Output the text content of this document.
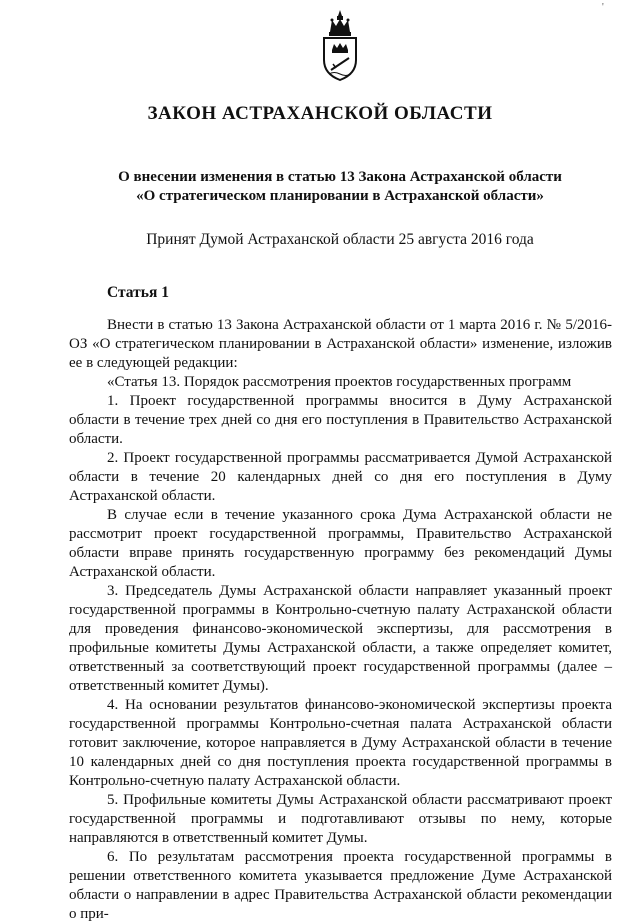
'
ЗАКОН АСТРАХАНСКОЙ ОБЛАСТИ
О внесении изменения в статью 13 Закона Астраханской области
«О стратегическом планировании в Астраханской области»

Принят Думой Астраханской области 25 августа 2016 года

Статья 1

Внести в статью 13 Закона Астраханской области от 1 марта 2016 г. № 5/2016-ОЗ «О стратегическом планировании в Астраханской области» изменение, изложив ее в следующей редакции:

«Статья 13. Порядок рассмотрения проектов государственных программ

1. Проект государственной программы вносится в Думу Астраханской области в течение трех дней со дня его поступления в Правительство Астраханской области.

2. Проект государственной программы рассматривается Думой Астраханской области в течение 20 календарных дней со дня его поступления в Думу Астраханской области.

В случае если в течение указанного срока Дума Астраханской области не рассмотрит проект государственной программы, Правительство Астраханской области вправе принять государственную программу без рекомендаций Думы Астраханской области.

3. Председатель Думы Астраханской области направляет указанный проект государственной программы в Контрольно-счетную палату Астраханской области для проведения финансово-экономической экспертизы, для рассмотрения в профильные комитеты Думы Астраханской области, а также определяет комитет, ответственный за соответствующий проект государственной программы (далее – ответственный комитет Думы).

4. На основании результатов финансово-экономической экспертизы проекта государственной программы Контрольно-счетная палата Астраханской области готовит заключение, которое направляется в Думу Астраханской области в течение 10 календарных дней со дня поступления проекта государственной программы в Контрольно-счетную палату Астраханской области.

5. Профильные комитеты Думы Астраханской области рассматривают проект государственной программы и подготавливают отзывы по нему, которые направляются в ответственный комитет Думы.

6. По результатам рассмотрения проекта государственной программы в решении ответственного комитета указывается предложение Думе Астраханской области о направлении в адрес Правительства Астраханской области рекомендации о при-
